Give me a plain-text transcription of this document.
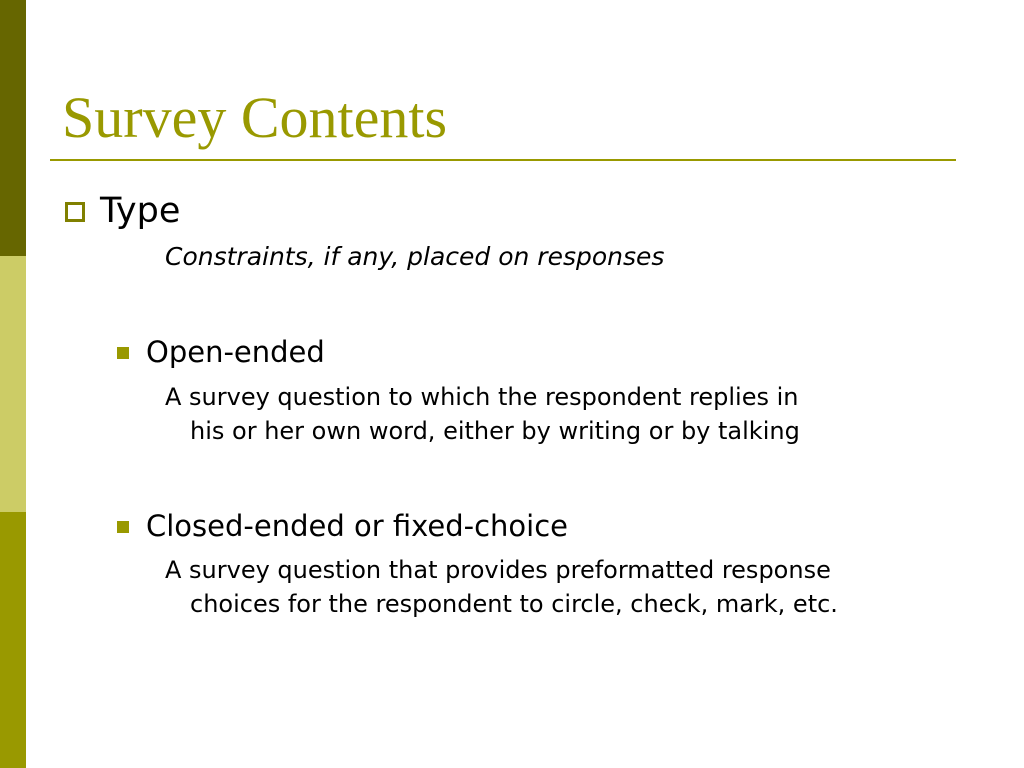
Survey Contents
Type
Constraints, if any, placed on responses
Open-ended
A survey question to which the respondent replies in
his or her own word, either by writing or by talking
Closed-ended or fixed-choice
A survey question that provides preformatted response
choices for the respondent to circle, check, mark, etc.
